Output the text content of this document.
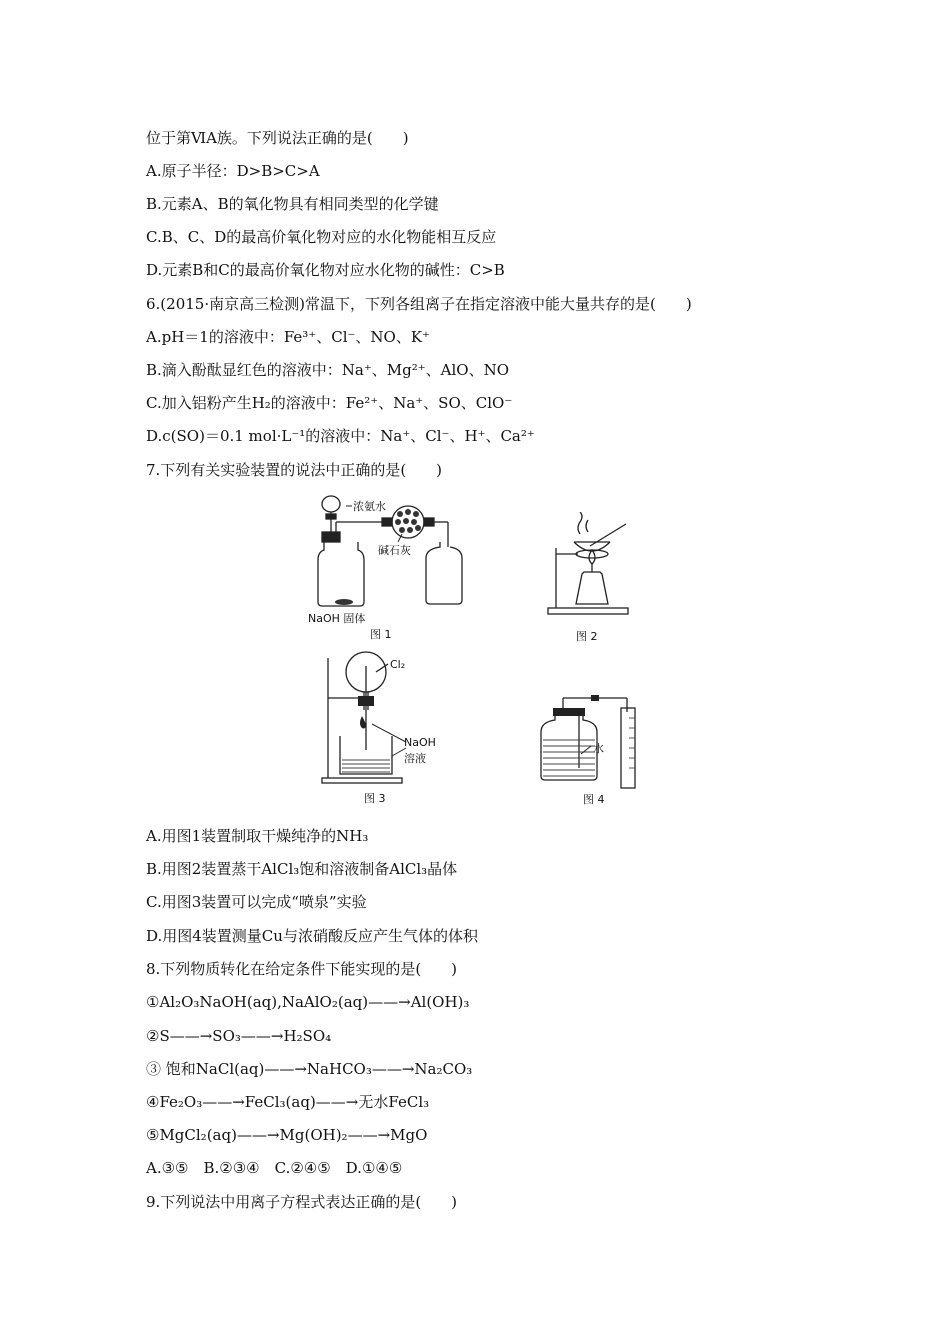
位于第ⅥA族。下列说法正确的是(　　)
A.原子半径：D>B>C>A
B.元素A、B的氧化物具有相同类型的化学键
C.B、C、D的最高价氧化物对应的水化物能相互反应
D.元素B和C的最高价氧化物对应水化物的碱性：C>B
6.(2015·南京高三检测)常温下，下列各组离子在指定溶液中能大量共存的是(　　)
A.pH＝1的溶液中：Fe³⁺、Cl⁻、NO、K⁺
B.滴入酚酞显红色的溶液中：Na⁺、Mg²⁺、AlO、NO
C.加入铝粉产生H₂的溶液中：Fe²⁺、Na⁺、SO、ClO⁻
D.c(SO)＝0.1 mol·L⁻¹的溶液中：Na⁺、Cl⁻、H⁺、Ca²⁺
7.下列有关实验装置的说法中正确的是(　　)
浓氨水
碱石灰
NaOH 固体
图 1	图 2
Cl₂
NaOH
溶液
图 3
水
图 4
A.用图1装置制取干燥纯净的NH₃
B.用图2装置蒸干AlCl₃饱和溶液制备AlCl₃晶体
C.用图3装置可以完成“喷泉”实验
D.用图4装置测量Cu与浓硝酸反应产生气体的体积
8.下列物质转化在给定条件下能实现的是(　　)
①Al₂O₃NaOH(aq),NaAlO₂(aq)——→Al(OH)₃
②S——→SO₃——→H₂SO₄
③ 饱和NaCl(aq)——→NaHCO₃——→Na₂CO₃
④Fe₂O₃——→FeCl₃(aq)——→无水FeCl₃
⑤MgCl₂(aq)——→Mg(OH)₂——→MgO
A.③⑤　B.②③④　C.②④⑤　D.①④⑤
9.下列说法中用离子方程式表达正确的是(　　)
